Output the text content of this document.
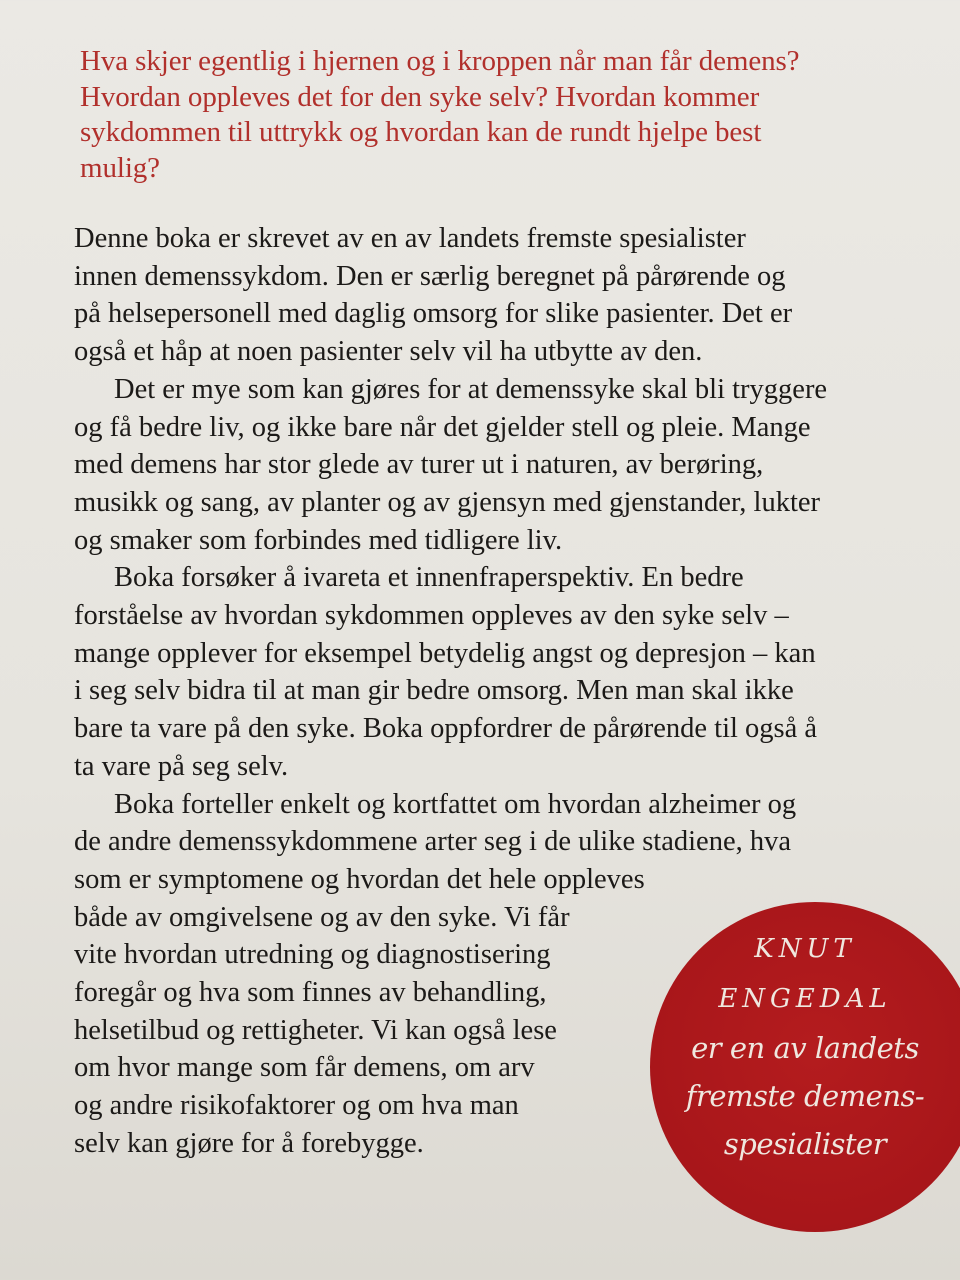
Hva skjer egentlig i hjernen og i kroppen når man får demens?
Hvordan oppleves det for den syke selv? Hvordan kommer
sykdommen til uttrykk og hvordan kan de rundt hjelpe best
mulig?
Denne boka er skrevet av en av landets fremste spesialister
innen demenssykdom. Den er særlig beregnet på pårørende og
på helsepersonell med daglig omsorg for slike pasienter. Det er
også et håp at noen pasienter selv vil ha utbytte av den.
Det er mye som kan gjøres for at demenssyke skal bli tryggere
og få bedre liv, og ikke bare når det gjelder stell og pleie. Mange
med demens har stor glede av turer ut i naturen, av berøring,
musikk og sang, av planter og av gjensyn med gjenstander, lukter
og smaker som forbindes med tidligere liv.
Boka forsøker å ivareta et innenfraperspektiv. En bedre
forståelse av hvordan sykdommen oppleves av den syke selv –
mange opplever for eksempel betydelig angst og depresjon – kan
i seg selv bidra til at man gir bedre omsorg. Men man skal ikke
bare ta vare på den syke. Boka oppfordrer de pårørende til også å
ta vare på seg selv.
Boka forteller enkelt og kortfattet om hvordan alzheimer og
de andre demenssykdommene arter seg i de ulike stadiene, hva
som er symptomene og hvordan det hele oppleves
både av omgivelsene og av den syke. Vi får
vite hvordan utredning og diagnostisering
foregår og hva som finnes av behandling,
helsetilbud og rettigheter. Vi kan også lese
om hvor mange som får demens, om arv
og andre risikofaktorer og om hva man
selv kan gjøre for å forebygge.
KNUT
ENGEDAL
er en av landets
fremste demens-
spesialister
